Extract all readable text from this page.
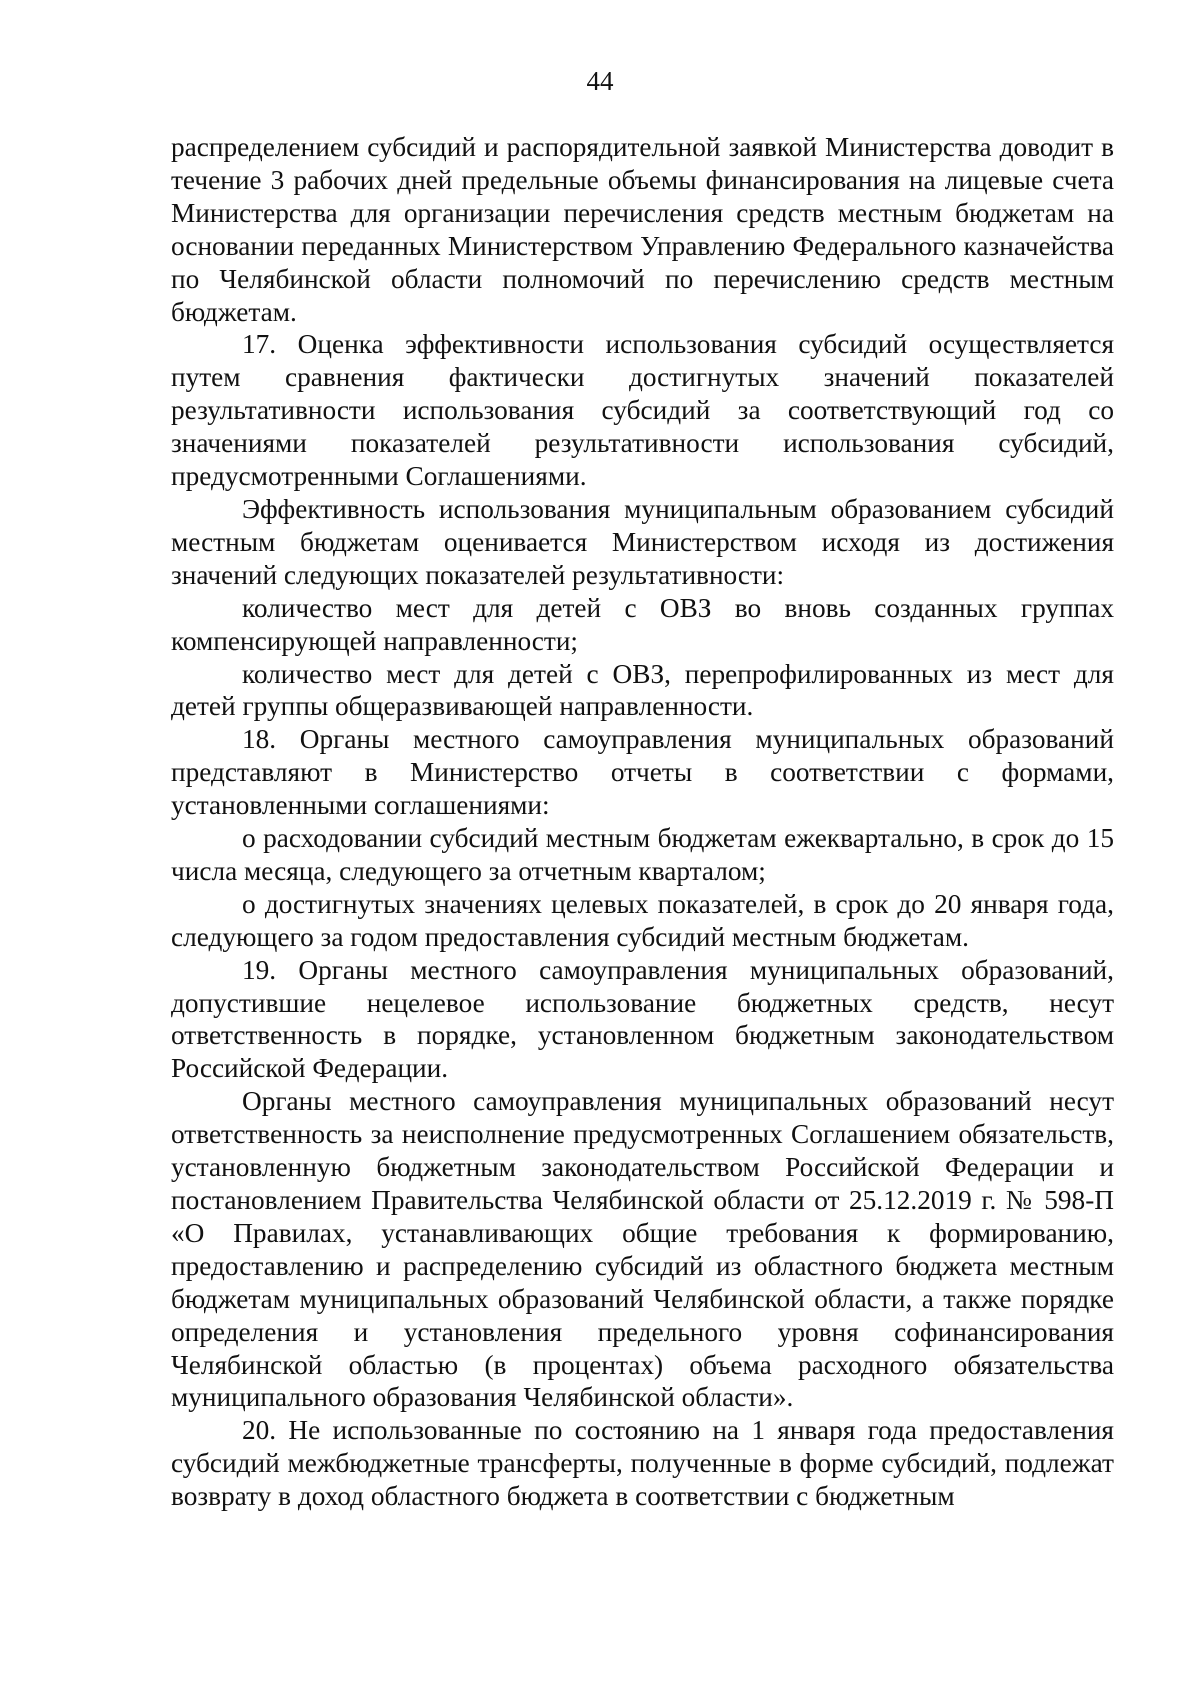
44

распределением субсидий и распорядительной заявкой Министерства доводит в течение 3 рабочих дней предельные объемы финансирования на лицевые счета Министерства для организации перечисления средств местным бюджетам на основании переданных Министерством Управлению Федерального казначейства по Челябинской области полномочий по перечислению средств местным бюджетам.

17. Оценка эффективности использования субсидий осуществляется путем сравнения фактически достигнутых значений показателей результативности использования субсидий за соответствующий год со значениями показателей результативности использования субсидий, предусмотренными Соглашениями.

Эффективность использования муниципальным образованием субсидий местным бюджетам оценивается Министерством исходя из достижения значений следующих показателей результативности:

количество мест для детей с ОВЗ во вновь созданных группах компенсирующей направленности;

количество мест для детей с ОВЗ, перепрофилированных из мест для детей группы общеразвивающей направленности.

18. Органы местного самоуправления муниципальных образований представляют в Министерство отчеты в соответствии с формами, установленными соглашениями:

о расходовании субсидий местным бюджетам ежеквартально, в срок до 15 числа месяца, следующего за отчетным кварталом;

о достигнутых значениях целевых показателей, в срок до 20 января года, следующего за годом предоставления субсидий местным бюджетам.

19. Органы местного самоуправления муниципальных образований, допустившие нецелевое использование бюджетных средств, несут ответственность в порядке, установленном бюджетным законодательством Российской Федерации.

Органы местного самоуправления муниципальных образований несут ответственность за неисполнение предусмотренных Соглашением обязательств, установленную бюджетным законодательством Российской Федерации и постановлением Правительства Челябинской области от 25.12.2019 г. № 598-П «О Правилах, устанавливающих общие требования к формированию, предоставлению и распределению субсидий из областного бюджета местным бюджетам муниципальных образований Челябинской области, а также порядке определения и установления предельного уровня софинансирования Челябинской областью (в процентах) объема расходного обязательства муниципального образования Челябинской области».

20. Не использованные по состоянию на 1 января года предоставления субсидий межбюджетные трансферты, полученные в форме субсидий, подлежат возврату в доход областного бюджета в соответствии с бюджетным
